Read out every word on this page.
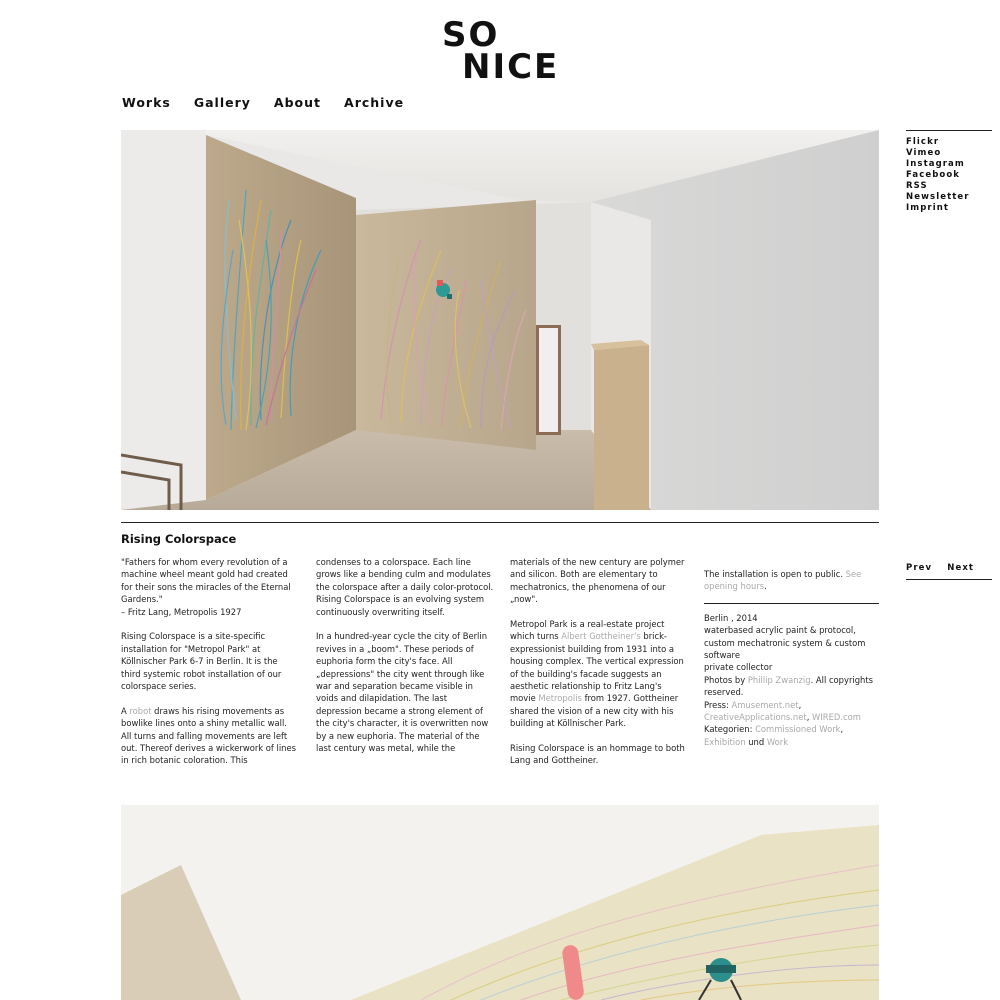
SO
NICE
Works Gallery About Archive
Flickr
Vimeo
Instagram
Facebook
RSS
Newsletter
Imprint
Rising Colorspace

"Fathers for whom every revolution of a machine wheel meant gold had created for their sons the miracles of the Eternal Gardens."
– Fritz Lang, Metropolis 1927

Rising Colorspace is a site-specific installation for "Metropol Park" at Köllnischer Park 6-7 in Berlin. It is the third systemic robot installation of our colorspace series.

A robot draws his rising movements as bowlike lines onto a shiny metallic wall. All turns and falling movements are left out. Thereof derives a wickerwork of lines in rich botanic coloration. This

condenses to a colorspace. Each line grows like a bending culm and modulates the colorspace after a daily color-protocol. Rising Colorspace is an evolving system continuously overwriting itself.

In a hundred-year cycle the city of Berlin revives in a „boom". These periods of euphoria form the city's face. All „depressions" the city went through like war and separation became visible in voids and dilapidation. The last depression became a strong element of the city's character, it is overwritten now by a new euphoria. The material of the last century was metal, while the

materials of the new century are polymer and silicon. Both are elementary to mechatronics, the phenomena of our „now".

Metropol Park is a real-estate project which turns Albert Gottheiner's brick-expressionist building from 1931 into a housing complex. The vertical expression of the building's facade suggests an aesthetic relationship to Fritz Lang's movie Metropolis from 1927. Gottheiner shared the vision of a new city with his building at Köllnischer Park.

Rising Colorspace is an hommage to both Lang and Gottheiner.

The installation is open to public. See opening hours.
Berlin , 2014
waterbased acrylic paint & protocol, custom mechatronic system & custom software
private collector
Photos by Phillip Zwanzig. All copyrights reserved.
Press: Amusement.net, CreativeApplications.net, WIRED.com
Kategorien: Commissioned Work, Exhibition und Work
Prev Next
